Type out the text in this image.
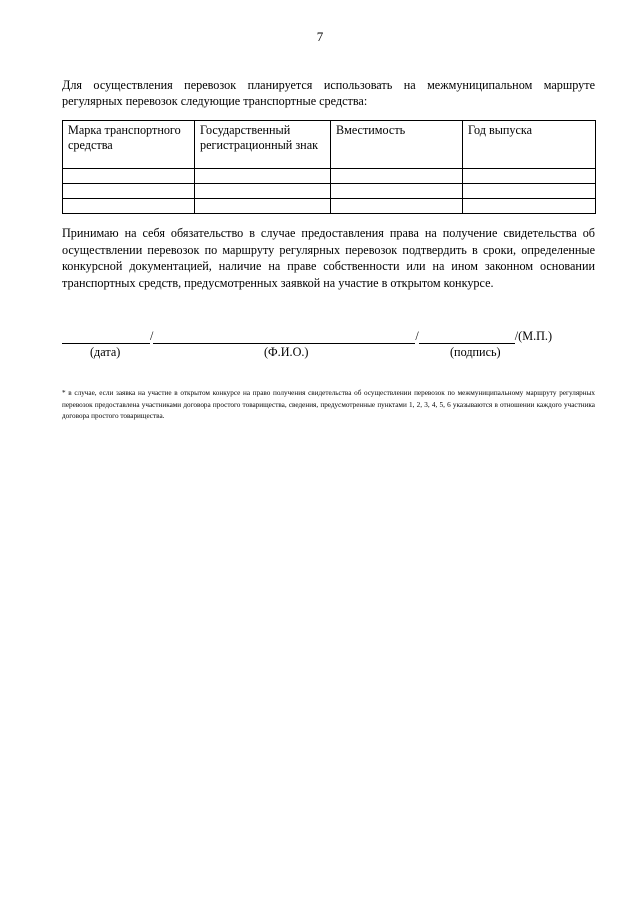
7
Для осуществления перевозок планируется использовать на межмуниципальном маршруте регулярных перевозок следующие транспортные средства:
Марка транспортного средства	Государственный регистрационный знак	Вместимость	Год выпуска

Принимаю на себя обязательство в случае предоставления права на получение свидетельства об осуществлении перевозок по маршруту регулярных перевозок подтвердить в сроки, определенные конкурсной документацией, наличие на праве собственности или на ином законном основании транспортных средств, предусмотренных заявкой на участие в открытом конкурсе.
/	/	/(М.П.)
(дата)	(Ф.И.О.)	(подпись)
* в случае, если заявка на участие в открытом конкурсе на право получения свидетельства об осуществлении перевозок по межмуниципальному маршруту регулярных перевозок предоставлена участниками договора простого товарищества, сведения, предусмотренные пунктами 1, 2, 3, 4, 5, 6 указываются в отношении каждого участника договора простого товарищества.
